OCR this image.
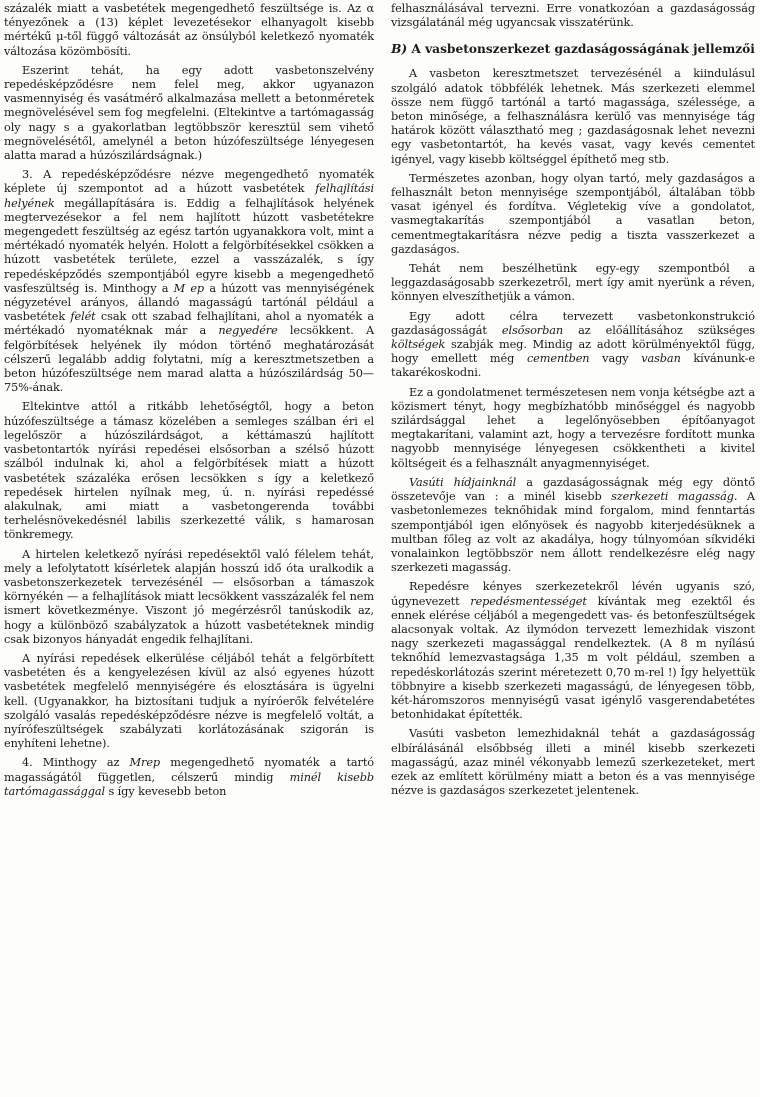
százalék miatt a vasbetétek megengedhető feszültsége is. Az α tényezőnek a (13) képlet levezetésekor elhanyagolt kisebb mértékű μ-től függő változását az önsúlyból keletkező nyomaték változása közömbösíti.

Eszerint tehát, ha egy adott vasbetonszelvény repedésképződésre nem felel meg, akkor ugyanazon vasmennyiség és vasátmérő alkalmazása mellett a betonméretek megnövelésével sem fog megfelelni. (Eltekintve a tartómagasság oly nagy s a gyakorlatban legtöbbször keresztül sem vihető megnövelésétől, amelynél a beton húzófeszültsége lényegesen alatta marad a húzószilárdságnak.)

3. A repedésképződésre nézve megengedhető nyomaték képlete új szempontot ad a húzott vasbetétek felhajlítási helyének megállapítására is. Eddig a felhajlítások helyének megtervezésekor a fel nem hajlított húzott vasbetétekre megengedett feszültség az egész tartón ugyanakkora volt, mint a mértékadó nyomaték helyén. Holott a felgörbítésekkel csökken a húzott vasbetétek területe, ezzel a vasszázalék, s így repedésképződés szempontjából egyre kisebb a megengedhető vasfeszültség is. Minthogy a M ep a húzott vas mennyiségének négyzetével arányos, állandó magasságú tartónál például a vasbetétek felét csak ott szabad felhajlítani, ahol a nyomaték a mértékadó nyomatéknak már a negyedére lecsökkent. A felgörbítések helyének ily módon történő meghatározását célszerű legalább addig folytatni, míg a keresztmetszetben a beton húzófeszültsége nem marad alatta a húzószilárdság 50—75%-ának.

Eltekintve attól a ritkább lehetőségtől, hogy a beton húzófeszültsége a támasz közelében a semleges szálban éri el legelőször a húzószilárdságot, a kéttámaszú hajlított vasbetontartók nyírási repedései elsősorban a szélső húzott szálból indulnak ki, ahol a felgörbítések miatt a húzott vasbetétek százaléka erősen lecsökken s így a keletkező repedések hirtelen nyílnak meg, ú. n. nyírási repedéssé alakulnak, ami miatt a vasbetongerenda további terhelésnövekedésnél labilis szerkezetté válik, s hamarosan tönkremegy.

A hirtelen keletkező nyírási repedésektől való félelem tehát, mely a lefolytatott kísérletek alapján hosszú idő óta uralkodik a vasbetonszerkezetek tervezésénél — elsősorban a támaszok környékén — a felhajlítások miatt lecsökkent vasszázalék fel nem ismert következménye. Viszont jó megérzésről tanúskodik az, hogy a különböző szabályzatok a húzott vasbetéteknek mindig csak bizonyos hányadát engedik felhajlítani.

A nyírási repedések elkerülése céljából tehát a felgörbített vasbetéten és a kengyelezésen kívül az alsó egyenes húzott vasbetétek megfelelő mennyiségére és elosztására is ügyelni kell. (Ugyanakkor, ha biztosítani tudjuk a nyíróerők felvételére szolgáló vasalás repedésképződésre nézve is megfelelő voltát, a nyírófeszültségek szabályzati korlátozásának szigorán is enyhíteni lehetne).

4. Minthogy az Mrep megengedhető nyomaték a tartó magasságától független, célszerű mindig minél kisebb tartómagassággal s így kevesebb beton

felhasználásával tervezni. Erre vonatkozóan a gazdaságosság vizsgálatánál még ugyancsak visszatérünk.

B) A vasbetonszerkezet gazdaságosságának jellemzői

A vasbeton keresztmetszet tervezésénél a kiindulásul szolgáló adatok többfélék lehetnek. Más szerkezeti elemmel össze nem függő tartónál a tartó magassága, szélessége, a beton minősége, a felhasználásra kerülő vas mennyisége tág határok között választható meg ; gazdaságosnak lehet nevezni egy vasbetontartót, ha kevés vasat, vagy kevés cementet igényel, vagy kisebb költséggel építhető meg stb.

Természetes azonban, hogy olyan tartó, mely gazdaságos a felhasznált beton mennyisége szempontjából, általában több vasat igényel és fordítva. Végletekig víve a gondolatot, vasmegtakarítás szempontjából a vasatlan beton, cementmegtakarításra nézve pedig a tiszta vasszerkezet a gazdaságos.

Tehát nem beszélhetünk egy-egy szempontból a leggazdaságosabb szerkezetről, mert így amit nyerünk a réven, könnyen elveszíthetjük a vámon.

Egy adott célra tervezett vasbetonkonstrukció gazdaságosságát elsősorban az előállításához szükséges költségek szabják meg. Mindig az adott körülményektől függ, hogy emellett még cementben vagy vasban kívánunk-e takarékoskodni.

Ez a gondolatmenet természetesen nem vonja kétségbe azt a közismert tényt, hogy megbízhatóbb minőséggel és nagyobb szilárdsággal lehet a legelőnyösebben építőanyagot megtakarítani, valamint azt, hogy a tervezésre fordított munka nagyobb mennyisége lényegesen csökkentheti a kivitel költségeit és a felhasznált anyagmennyiséget.

Vasúti hídjainknál a gazdaságosságnak még egy döntő összetevője van : a minél kisebb szerkezeti magasság. A vasbetonlemezes teknőhidak mind forgalom, mind fenntartás szempontjából igen előnyösek és nagyobb kiterjedésüknek a multban főleg az volt az akadálya, hogy túlnyomóan síkvidéki vonalainkon legtöbbször nem állott rendelkezésre elég nagy szerkezeti magasság.

Repedésre kényes szerkezetekről lévén ugyanis szó, úgynevezett repedésmentességet kívántak meg ezektől és ennek elérése céljából a megengedett vas- és betonfeszültségek alacsonyak voltak. Az ilymódon tervezett lemezhidak viszont nagy szerkezeti magassággal rendelkeztek. (A 8 m nyílású teknőhíd lemezvastagsága 1,35 m volt például, szemben a repedéskorlátozás szerint méretezett 0,70 m-rel !) Így helyettük többnyire a kisebb szerkezeti magasságú, de lényegesen több, két-háromszoros mennyiségű vasat igénylő vasgerendabetétes betonhidakat építették.

Vasúti vasbeton lemezhidaknál tehát a gazdaságosság elbírálásánál elsőbbség illeti a minél kisebb szerkezeti magasságú, azaz minél vékonyabb lemezű szerkezeteket, mert ezek az említett körülmény miatt a beton és a vas mennyisége nézve is gazdaságos szerkezetet jelentenek.
